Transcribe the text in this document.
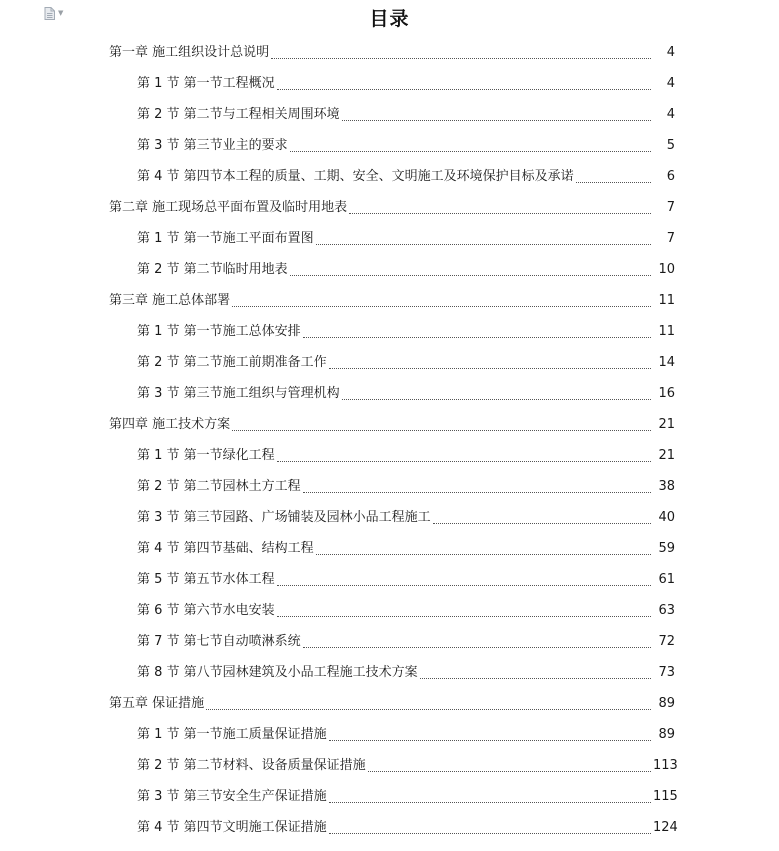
▼	目录
第一章 施工组织设计总说明	4
第 1 节 第一节工程概况	4
第 2 节 第二节与工程相关周围环境	4
第 3 节 第三节业主的要求	5
第 4 节 第四节本工程的质量、工期、安全、文明施工及环境保护目标及承诺	6
第二章 施工现场总平面布置及临时用地表	7
第 1 节 第一节施工平面布置图	7
第 2 节 第二节临时用地表	10
第三章 施工总体部署	11
第 1 节 第一节施工总体安排	11
第 2 节 第二节施工前期准备工作	14
第 3 节 第三节施工组织与管理机构	16
第四章 施工技术方案	21
第 1 节 第一节绿化工程	21
第 2 节 第二节园林土方工程	38
第 3 节 第三节园路、广场铺装及园林小品工程施工	40
第 4 节 第四节基础、结构工程	59
第 5 节 第五节水体工程	61
第 6 节 第六节水电安装	63
第 7 节 第七节自动喷淋系统	72
第 8 节 第八节园林建筑及小品工程施工技术方案	73
第五章 保证措施	89
第 1 节 第一节施工质量保证措施	89
第 2 节 第二节材料、设备质量保证措施	113
第 3 节 第三节安全生产保证措施	115
第 4 节 第四节文明施工保证措施	124
